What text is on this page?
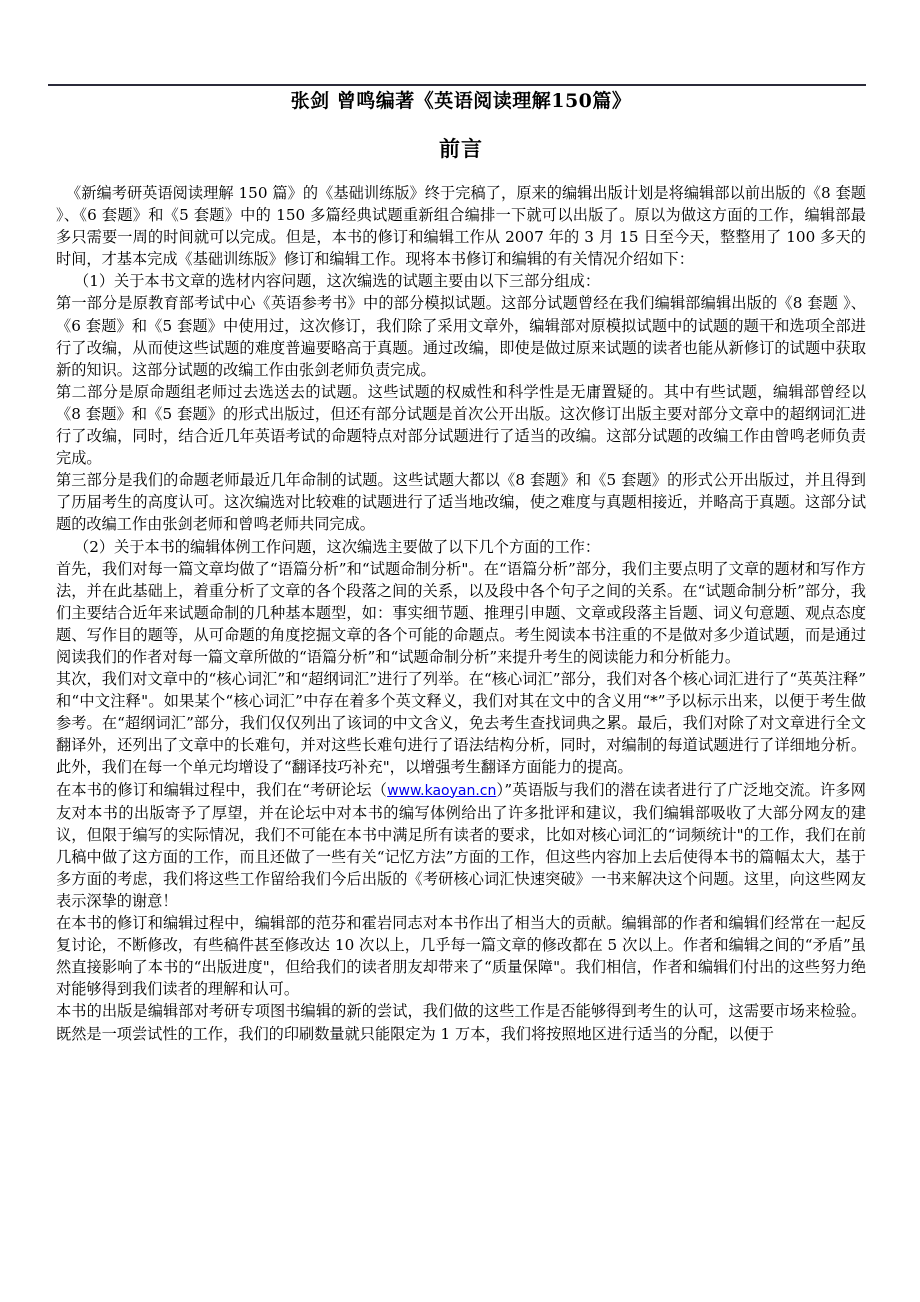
张剑 曾鸣编著《英语阅读理解150篇》
前言

《新编考研英语阅读理解 150 篇》的《基础训练版》终于完稿了，原来的编辑出版计划是将编辑部以前出版的《8 套题 》、《6 套题》和《5 套题》中的 150 多篇经典试题重新组合编排一下就可以出版了。原以为做这方面的工作，编辑部最多只需要一周的时间就可以完成。但是，本书的修订和编辑工作从 2007 年的 3 月 15 日至今天，整整用了 100 多天的时间，才基本完成《基础训练版》修订和编辑工作。现将本书修订和编辑的有关情况介绍如下：

（1）关于本书文章的选材内容问题，这次编选的试题主要由以下三部分组成：

第一部分是原教育部考试中心《英语参考书》中的部分模拟试题。这部分试题曾经在我们编辑部编辑出版的《8 套题 》、《6 套题》和《5 套题》中使用过，这次修订，我们除了采用文章外，编辑部对原模拟试题中的试题的题干和选项全部进行了改编，从而使这些试题的难度普遍要略高于真题。通过改编，即使是做过原来试题的读者也能从新修订的试题中获取新的知识。这部分试题的改编工作由张剑老师负责完成。

第二部分是原命题组老师过去选送去的试题。这些试题的权威性和科学性是无庸置疑的。其中有些试题，编辑部曾经以《8 套题》和《5 套题》的形式出版过，但还有部分试题是首次公开出版。这次修订出版主要对部分文章中的超纲词汇进行了改编，同时，结合近几年英语考试的命题特点对部分试题进行了适当的改编。这部分试题的改编工作由曾鸣老师负责完成。

第三部分是我们的命题老师最近几年命制的试题。这些试题大都以《8 套题》和《5 套题》的形式公开出版过，并且得到了历届考生的高度认可。这次编选对比较难的试题进行了适当地改编，使之难度与真题相接近，并略高于真题。这部分试题的改编工作由张剑老师和曾鸣老师共同完成。

（2）关于本书的编辑体例工作问题，这次编选主要做了以下几个方面的工作：

首先，我们对每一篇文章均做了“语篇分析”和“试题命制分析"。在“语篇分析”部分，我们主要点明了文章的题材和写作方法，并在此基础上，着重分析了文章的各个段落之间的关系，以及段中各个句子之间的关系。在“试题命制分析”部分，我们主要结合近年来试题命制的几种基本题型，如：事实细节题、推理引申题、文章或段落主旨题、词义句意题、观点态度题、写作目的题等，从可命题的角度挖掘文章的各个可能的命题点。考生阅读本书注重的不是做对多少道试题，而是通过阅读我们的作者对每一篇文章所做的“语篇分析”和“试题命制分析”来提升考生的阅读能力和分析能力。

其次，我们对文章中的“核心词汇”和“超纲词汇”进行了列举。在“核心词汇”部分，我们对各个核心词汇进行了“英英注释”和“中文注释"。如果某个“核心词汇”中存在着多个英文释义，我们对其在文中的含义用“*”予以标示出来，以便于考生做参考。在“超纲词汇”部分，我们仅仅列出了该词的中文含义，免去考生查找词典之累。最后，我们对除了对文章进行全文翻译外，还列出了文章中的长难句，并对这些长难句进行了语法结构分析，同时，对编制的每道试题进行了详细地分析。此外，我们在每一个单元均增设了“翻译技巧补充"，以增强考生翻译方面能力的提高。

在本书的修订和编辑过程中，我们在“考研论坛（www.kaoyan.cn）”英语版与我们的潜在读者进行了广泛地交流。许多网友对本书的出版寄予了厚望，并在论坛中对本书的编写体例给出了许多批评和建议，我们编辑部吸收了大部分网友的建议，但限于编写的实际情况，我们不可能在本书中满足所有读者的要求，比如对核心词汇的“词频统计"的工作，我们在前几稿中做了这方面的工作，而且还做了一些有关“记忆方法”方面的工作，但这些内容加上去后使得本书的篇幅太大，基于多方面的考虑，我们将这些工作留给我们今后出版的《考研核心词汇快速突破》一书来解决这个问题。这里，向这些网友表示深挚的谢意！

在本书的修订和编辑过程中，编辑部的范芬和霍岩同志对本书作出了相当大的贡献。编辑部的作者和编辑们经常在一起反复讨论，不断修改，有些稿件甚至修改达 10 次以上，几乎每一篇文章的修改都在 5 次以上。作者和编辑之间的“矛盾”虽然直接影响了本书的“出版进度"，但给我们的读者朋友却带来了“质量保障"。我们相信，作者和编辑们付出的这些努力绝对能够得到我们读者的理解和认可。

本书的出版是编辑部对考研专项图书编辑的新的尝试，我们做的这些工作是否能够得到考生的认可，这需要市场来检验。既然是一项尝试性的工作，我们的印刷数量就只能限定为 1 万本，我们将按照地区进行适当的分配，以便于
